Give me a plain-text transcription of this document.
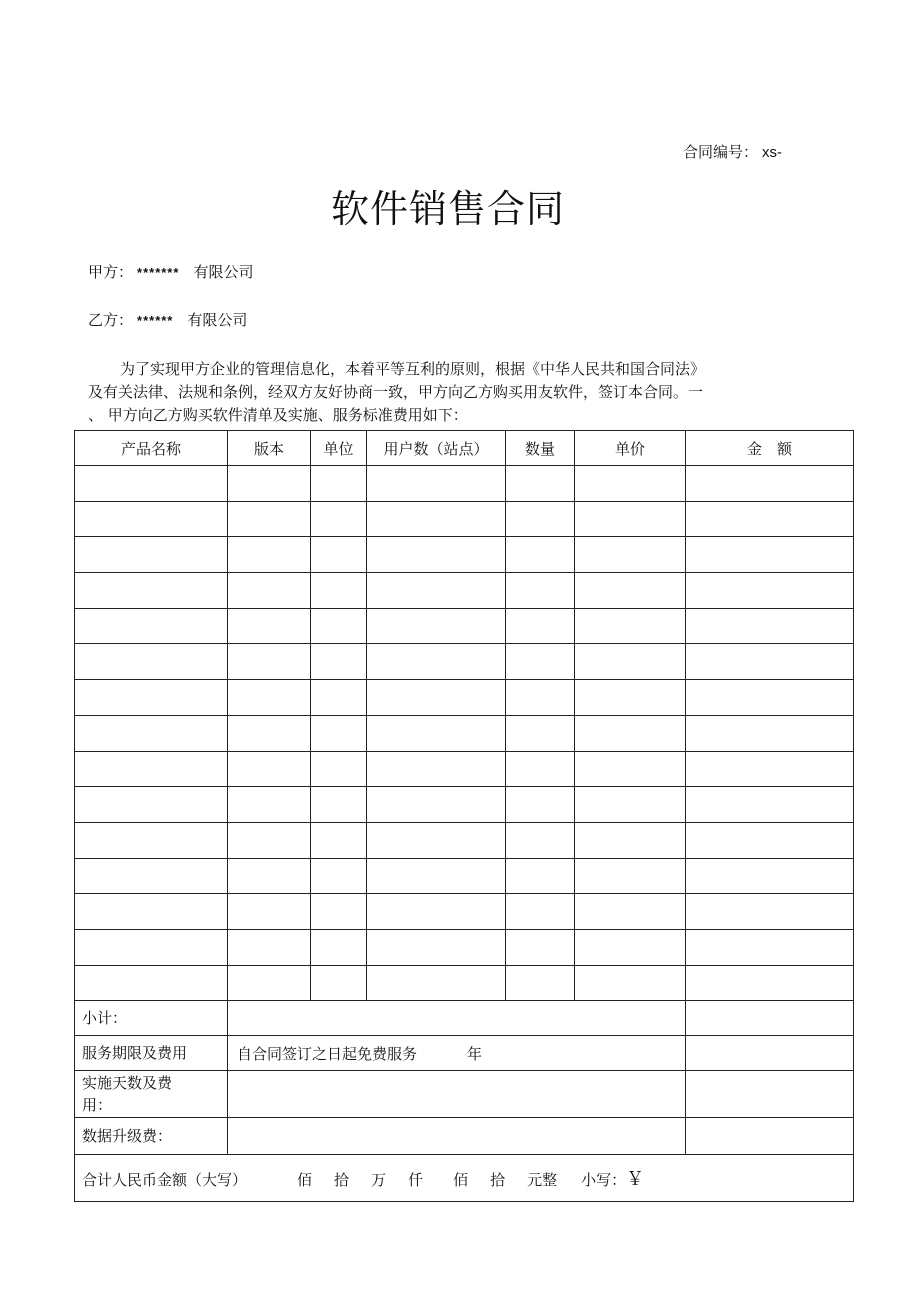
合同编号： xs-
软件销售合同
甲方： ******* 有限公司
乙方： ****** 有限公司
为了实现甲方企业的管理信息化，本着平等互利的原则，根据《中华人民共和国合同法》
及有关法律、法规和条例，经双方友好协商一致，甲方向乙方购买用友软件，签订本合同。一
、 甲方向乙方购买软件清单及实施、服务标准费用如下：
产品名称	版本	单位	用户数（站点）	数量	单价	金　额

小计：						
服务期限及费用	自合同签订之日起免费服务 年					

实施天数及费
用：						

数据升级费：						
合计人民币金额（大写） 佰 拾 万 仟 佰 拾 元整 小写：￥						
